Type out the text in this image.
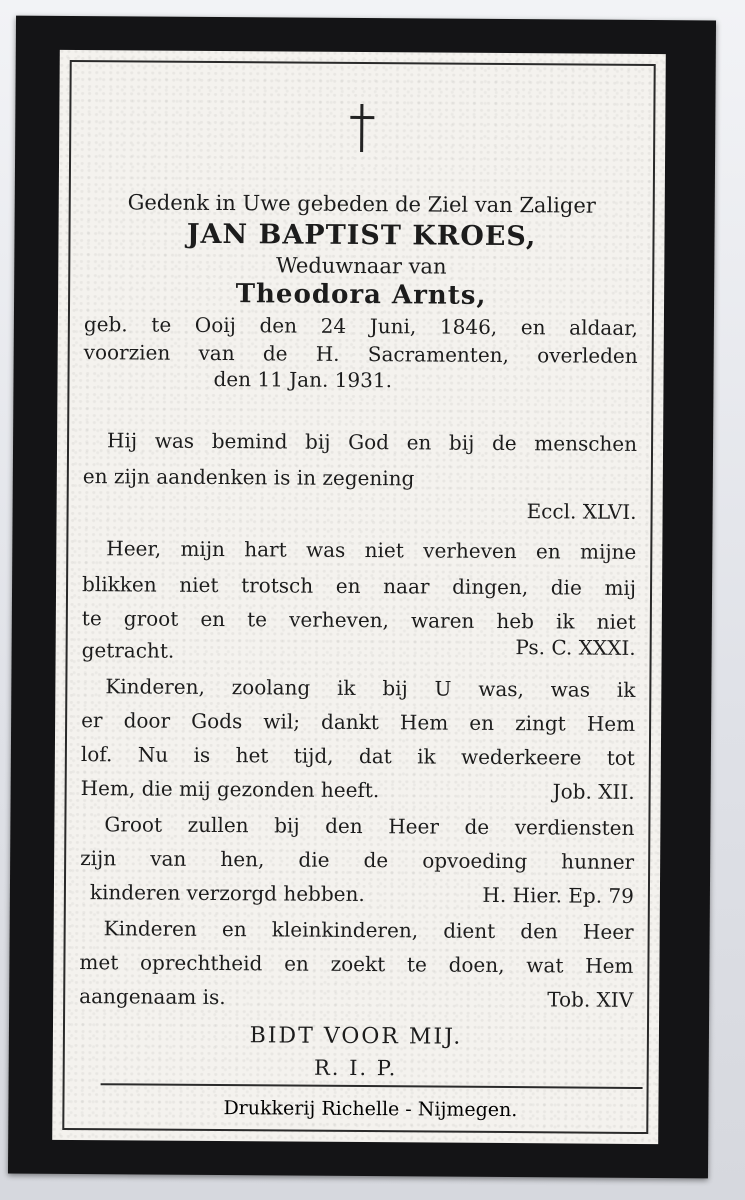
Gedenk in Uwe gebeden de Ziel van Zaliger
JAN BAPTIST KROES,
Weduwnaar van
Theodora Arnts,
geb. te Ooij den 24 Juni, 1846, en aldaar,
voorzien van de H. Sacramenten, overleden
den 11 Jan. 1931.
Hij was bemind bij God en bij de menschen
en zijn aandenken is in zegening
Eccl. XLVI.
Heer, mijn hart was niet verheven en mijne
blikken niet trotsch en naar dingen, die mij
te groot en te verheven, waren heb ik niet
getracht.	Ps. C. XXXI.
Kinderen, zoolang ik bij U was, was ik
er door Gods wil; dankt Hem en zingt Hem
lof. Nu is het tijd, dat ik wederkeere tot
Hem, die mij gezonden heeft.	Job. XII.
Groot zullen bij den Heer de verdiensten
zijn van hen, die de opvoeding hunner
kinderen verzorgd hebben.	H. Hier. Ep. 79
Kinderen en kleinkinderen, dient den Heer
met oprechtheid en zoekt te doen, wat Hem
aangenaam is.	Tob. XIV
BIDT VOOR MIJ.
R. I. P.
Drukkerij Richelle - Nijmegen.
